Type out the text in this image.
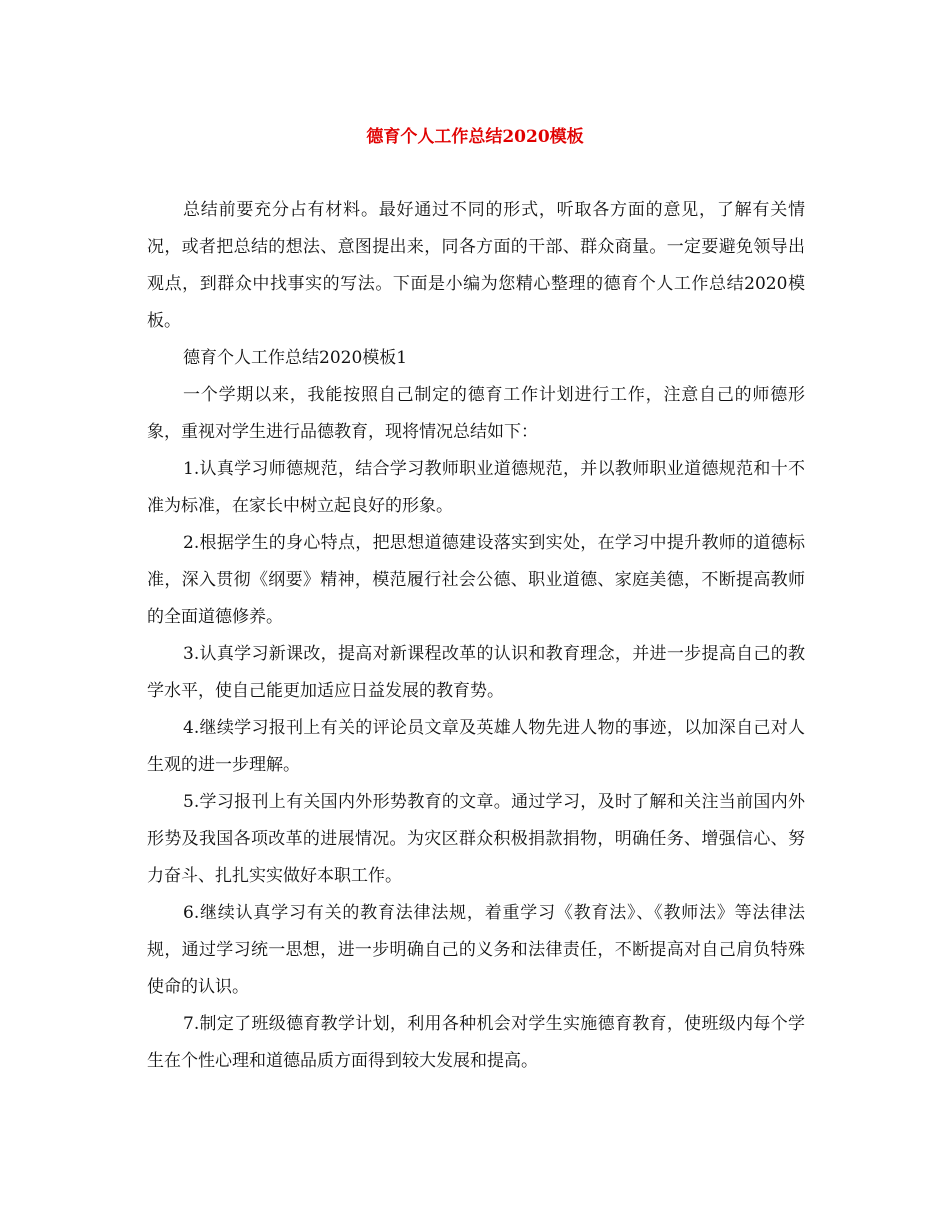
德育个人工作总结2020模板

总结前要充分占有材料。最好通过不同的形式，听取各方面的意见，了解有关情况，或者把总结的想法、意图提出来，同各方面的干部、群众商量。一定要避免领导出观点，到群众中找事实的写法。下面是小编为您精心整理的德育个人工作总结2020模板。

德育个人工作总结2020模板1

一个学期以来，我能按照自己制定的德育工作计划进行工作，注意自己的师德形象，重视对学生进行品德教育，现将情况总结如下：

1.认真学习师德规范，结合学习教师职业道德规范，并以教师职业道德规范和十不准为标准，在家长中树立起良好的形象。

2.根据学生的身心特点，把思想道德建设落实到实处，在学习中提升教师的道德标准，深入贯彻《纲要》精神，模范履行社会公德、职业道德、家庭美德，不断提高教师的全面道德修养。

3.认真学习新课改，提高对新课程改革的认识和教育理念，并进一步提高自己的教学水平，使自己能更加适应日益发展的教育势。

4.继续学习报刊上有关的评论员文章及英雄人物先进人物的事迹，以加深自己对人生观的进一步理解。

5.学习报刊上有关国内外形势教育的文章。通过学习，及时了解和关注当前国内外形势及我国各项改革的进展情况。为灾区群众积极捐款捐物，明确任务、增强信心、努力奋斗、扎扎实实做好本职工作。

6.继续认真学习有关的教育法律法规，着重学习《教育法》、《教师法》等法律法规，通过学习统一思想，进一步明确自己的义务和法律责任，不断提高对自己肩负特殊使命的认识。

7.制定了班级德育教学计划，利用各种机会对学生实施德育教育，使班级内每个学生在个性心理和道德品质方面得到较大发展和提高。
